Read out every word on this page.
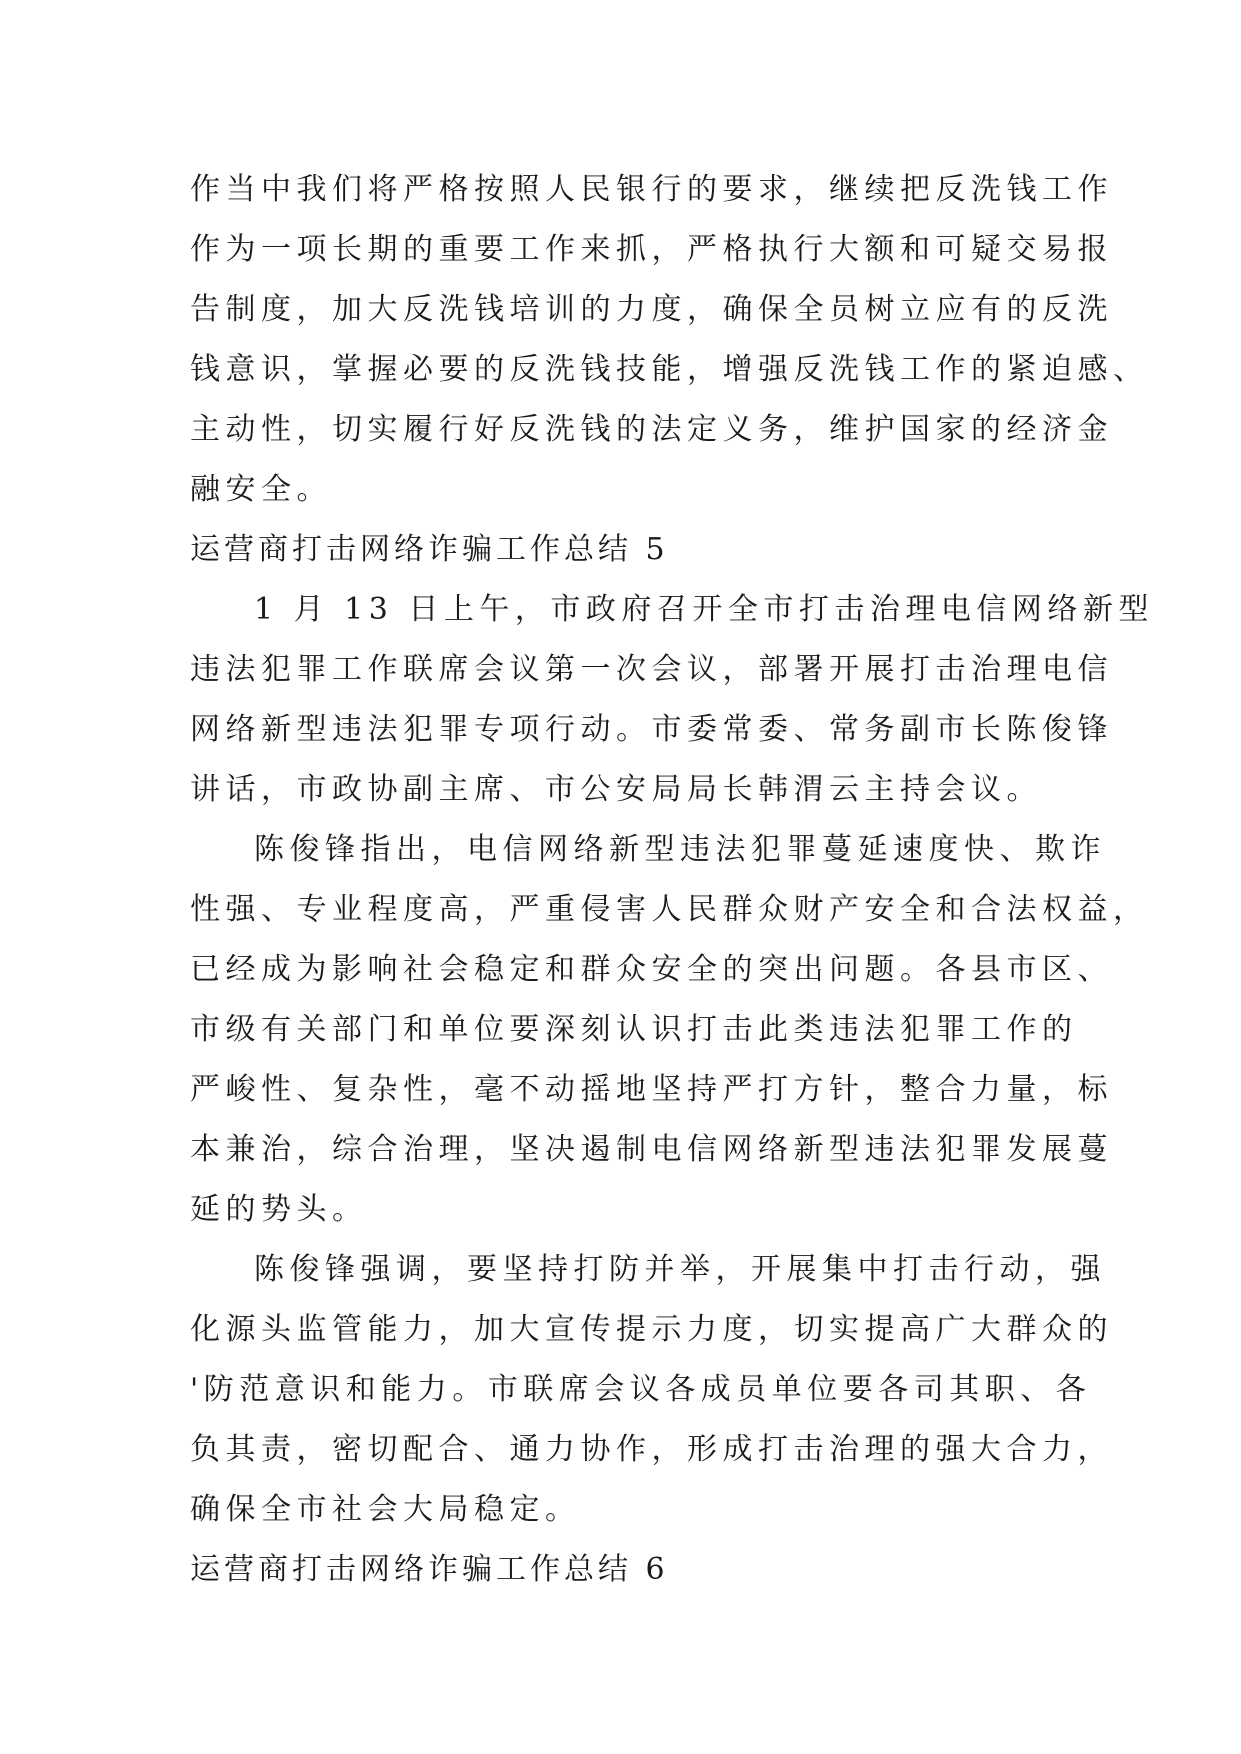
作当中我们将严格按照人民银行的要求，继续把反洗钱工作
作为一项长期的重要工作来抓，严格执行大额和可疑交易报
告制度，加大反洗钱培训的力度，确保全员树立应有的反洗
钱意识，掌握必要的反洗钱技能，增强反洗钱工作的紧迫感、
主动性，切实履行好反洗钱的法定义务，维护国家的经济金
融安全。
运营商打击网络诈骗工作总结 5
1 月 13 日上午，市政府召开全市打击治理电信网络新型
违法犯罪工作联席会议第一次会议，部署开展打击治理电信
网络新型违法犯罪专项行动。市委常委、常务副市长陈俊锋
讲话，市政协副主席、市公安局局长韩渭云主持会议。
陈俊锋指出，电信网络新型违法犯罪蔓延速度快、欺诈
性强、专业程度高，严重侵害人民群众财产安全和合法权益，
已经成为影响社会稳定和群众安全的突出问题。各县市区、
市级有关部门和单位要深刻认识打击此类违法犯罪工作的
严峻性、复杂性，毫不动摇地坚持严打方针，整合力量，标
本兼治，综合治理，坚决遏制电信网络新型违法犯罪发展蔓
延的势头。
陈俊锋强调，要坚持打防并举，开展集中打击行动，强
化源头监管能力，加大宣传提示力度，切实提高广大群众的
'防范意识和能力。市联席会议各成员单位要各司其职、各
负其责，密切配合、通力协作，形成打击治理的强大合力，
确保全市社会大局稳定。
运营商打击网络诈骗工作总结 6
